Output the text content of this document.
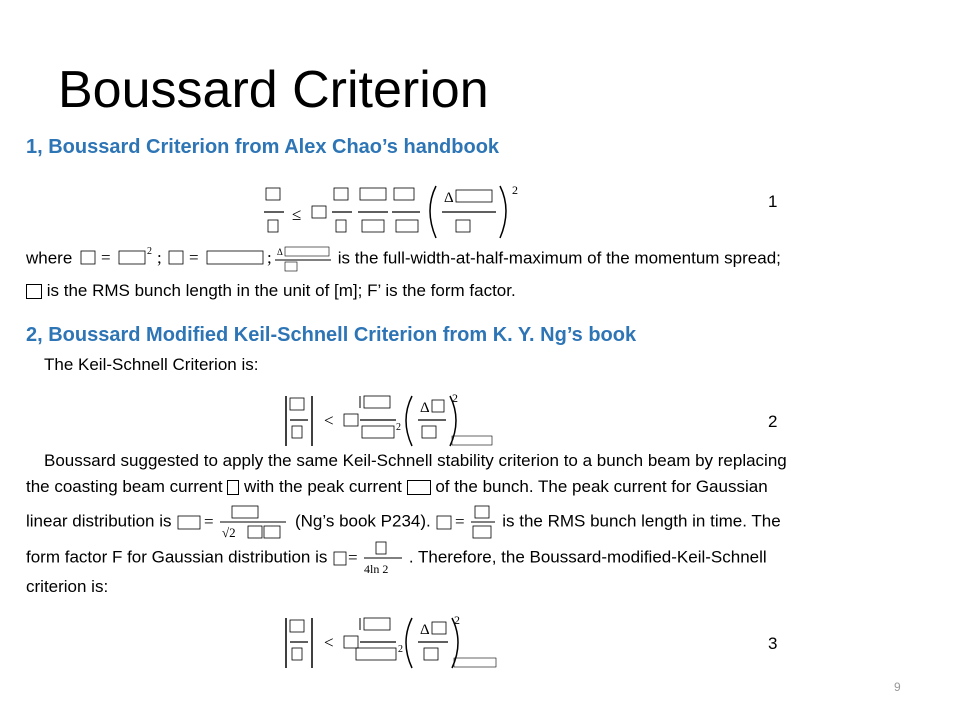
Boussard Criterion
1, Boussard Criterion from Alex Chao’s handbook
≤
Δ	2
1
where =	2 ; =	; Δ	is the full-width-at-half-maximum of the momentum spread;
is the RMS bunch length in the unit of [m]; F’ is the form factor.
2, Boussard Modified Keil-Schnell Criterion from K. Y. Ng’s book
The Keil-Schnell Criterion is:
<	2
Δ
2
2
Boussard suggested to apply the same Keil-Schnell stability criterion to a bunch beam by replacing
the coasting beam current with the peak current of the bunch. The peak current for Gaussian
linear distribution is =
√2
(Ng’s book P234). = is the RMS bunch length in time. The
form factor F for Gaussian distribution is =
4ln 2
. Therefore, the Boussard-modified-Keil-Schnell
criterion is:
<	2
Δ
2
3
9
